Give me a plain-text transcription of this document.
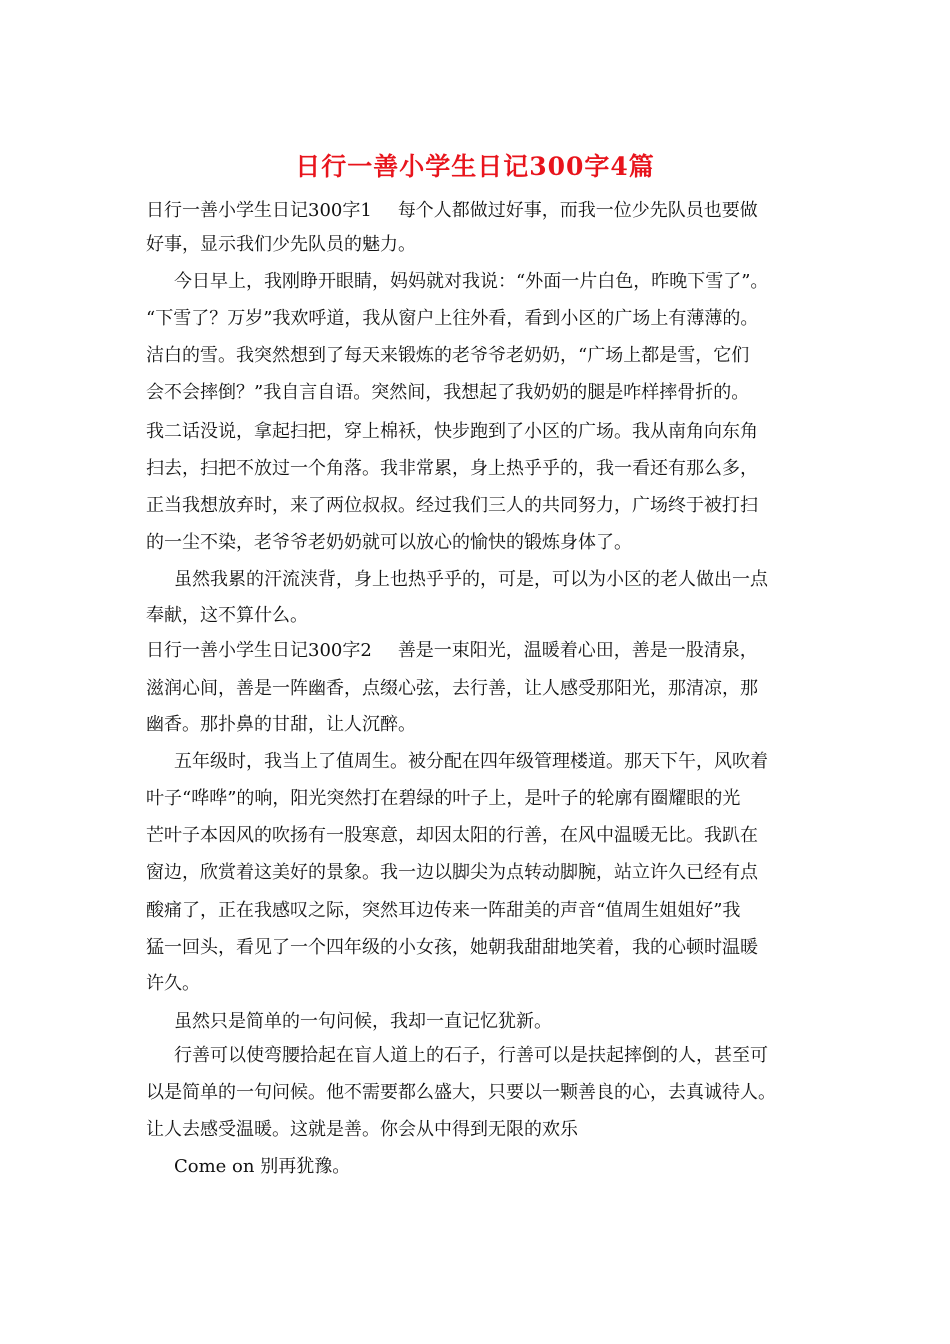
日行一善小学生日记300字4篇
日行一善小学生日记300字1 每个人都做过好事，而我一位少先队员也要做
好事，显示我们少先队员的魅力。
今日早上，我刚睁开眼睛，妈妈就对我说：“外面一片白色，昨晚下雪了”。
“下雪了？万岁”我欢呼道，我从窗户上往外看，看到小区的广场上有薄薄的。
洁白的雪。我突然想到了每天来锻炼的老爷爷老奶奶，“广场上都是雪，它们
会不会摔倒？”我自言自语。突然间，我想起了我奶奶的腿是咋样摔骨折的。
我二话没说，拿起扫把，穿上棉袄，快步跑到了小区的广场。我从南角向东角
扫去，扫把不放过一个角落。我非常累，身上热乎乎的，我一看还有那么多，
正当我想放弃时，来了两位叔叔。经过我们三人的共同努力，广场终于被打扫
的一尘不染，老爷爷老奶奶就可以放心的愉快的锻炼身体了。
虽然我累的汗流浃背，身上也热乎乎的，可是，可以为小区的老人做出一点
奉献，这不算什么。
日行一善小学生日记300字2 善是一束阳光，温暖着心田，善是一股清泉，
滋润心间，善是一阵幽香，点缀心弦，去行善，让人感受那阳光，那清凉，那
幽香。那扑鼻的甘甜，让人沉醉。
五年级时，我当上了值周生。被分配在四年级管理楼道。那天下午，风吹着
叶子“哗哗”的响，阳光突然打在碧绿的叶子上，是叶子的轮廓有圈耀眼的光
芒叶子本因风的吹扬有一股寒意，却因太阳的行善，在风中温暖无比。我趴在
窗边，欣赏着这美好的景象。我一边以脚尖为点转动脚腕，站立许久已经有点
酸痛了，正在我感叹之际，突然耳边传来一阵甜美的声音“值周生姐姐好”我
猛一回头，看见了一个四年级的小女孩，她朝我甜甜地笑着，我的心顿时温暖
许久。
虽然只是简单的一句问候，我却一直记忆犹新。
行善可以使弯腰拾起在盲人道上的石子，行善可以是扶起摔倒的人，甚至可
以是简单的一句问候。他不需要都么盛大，只要以一颗善良的心，去真诚待人。
让人去感受温暖。这就是善。你会从中得到无限的欢乐
Come on 别再犹豫。
